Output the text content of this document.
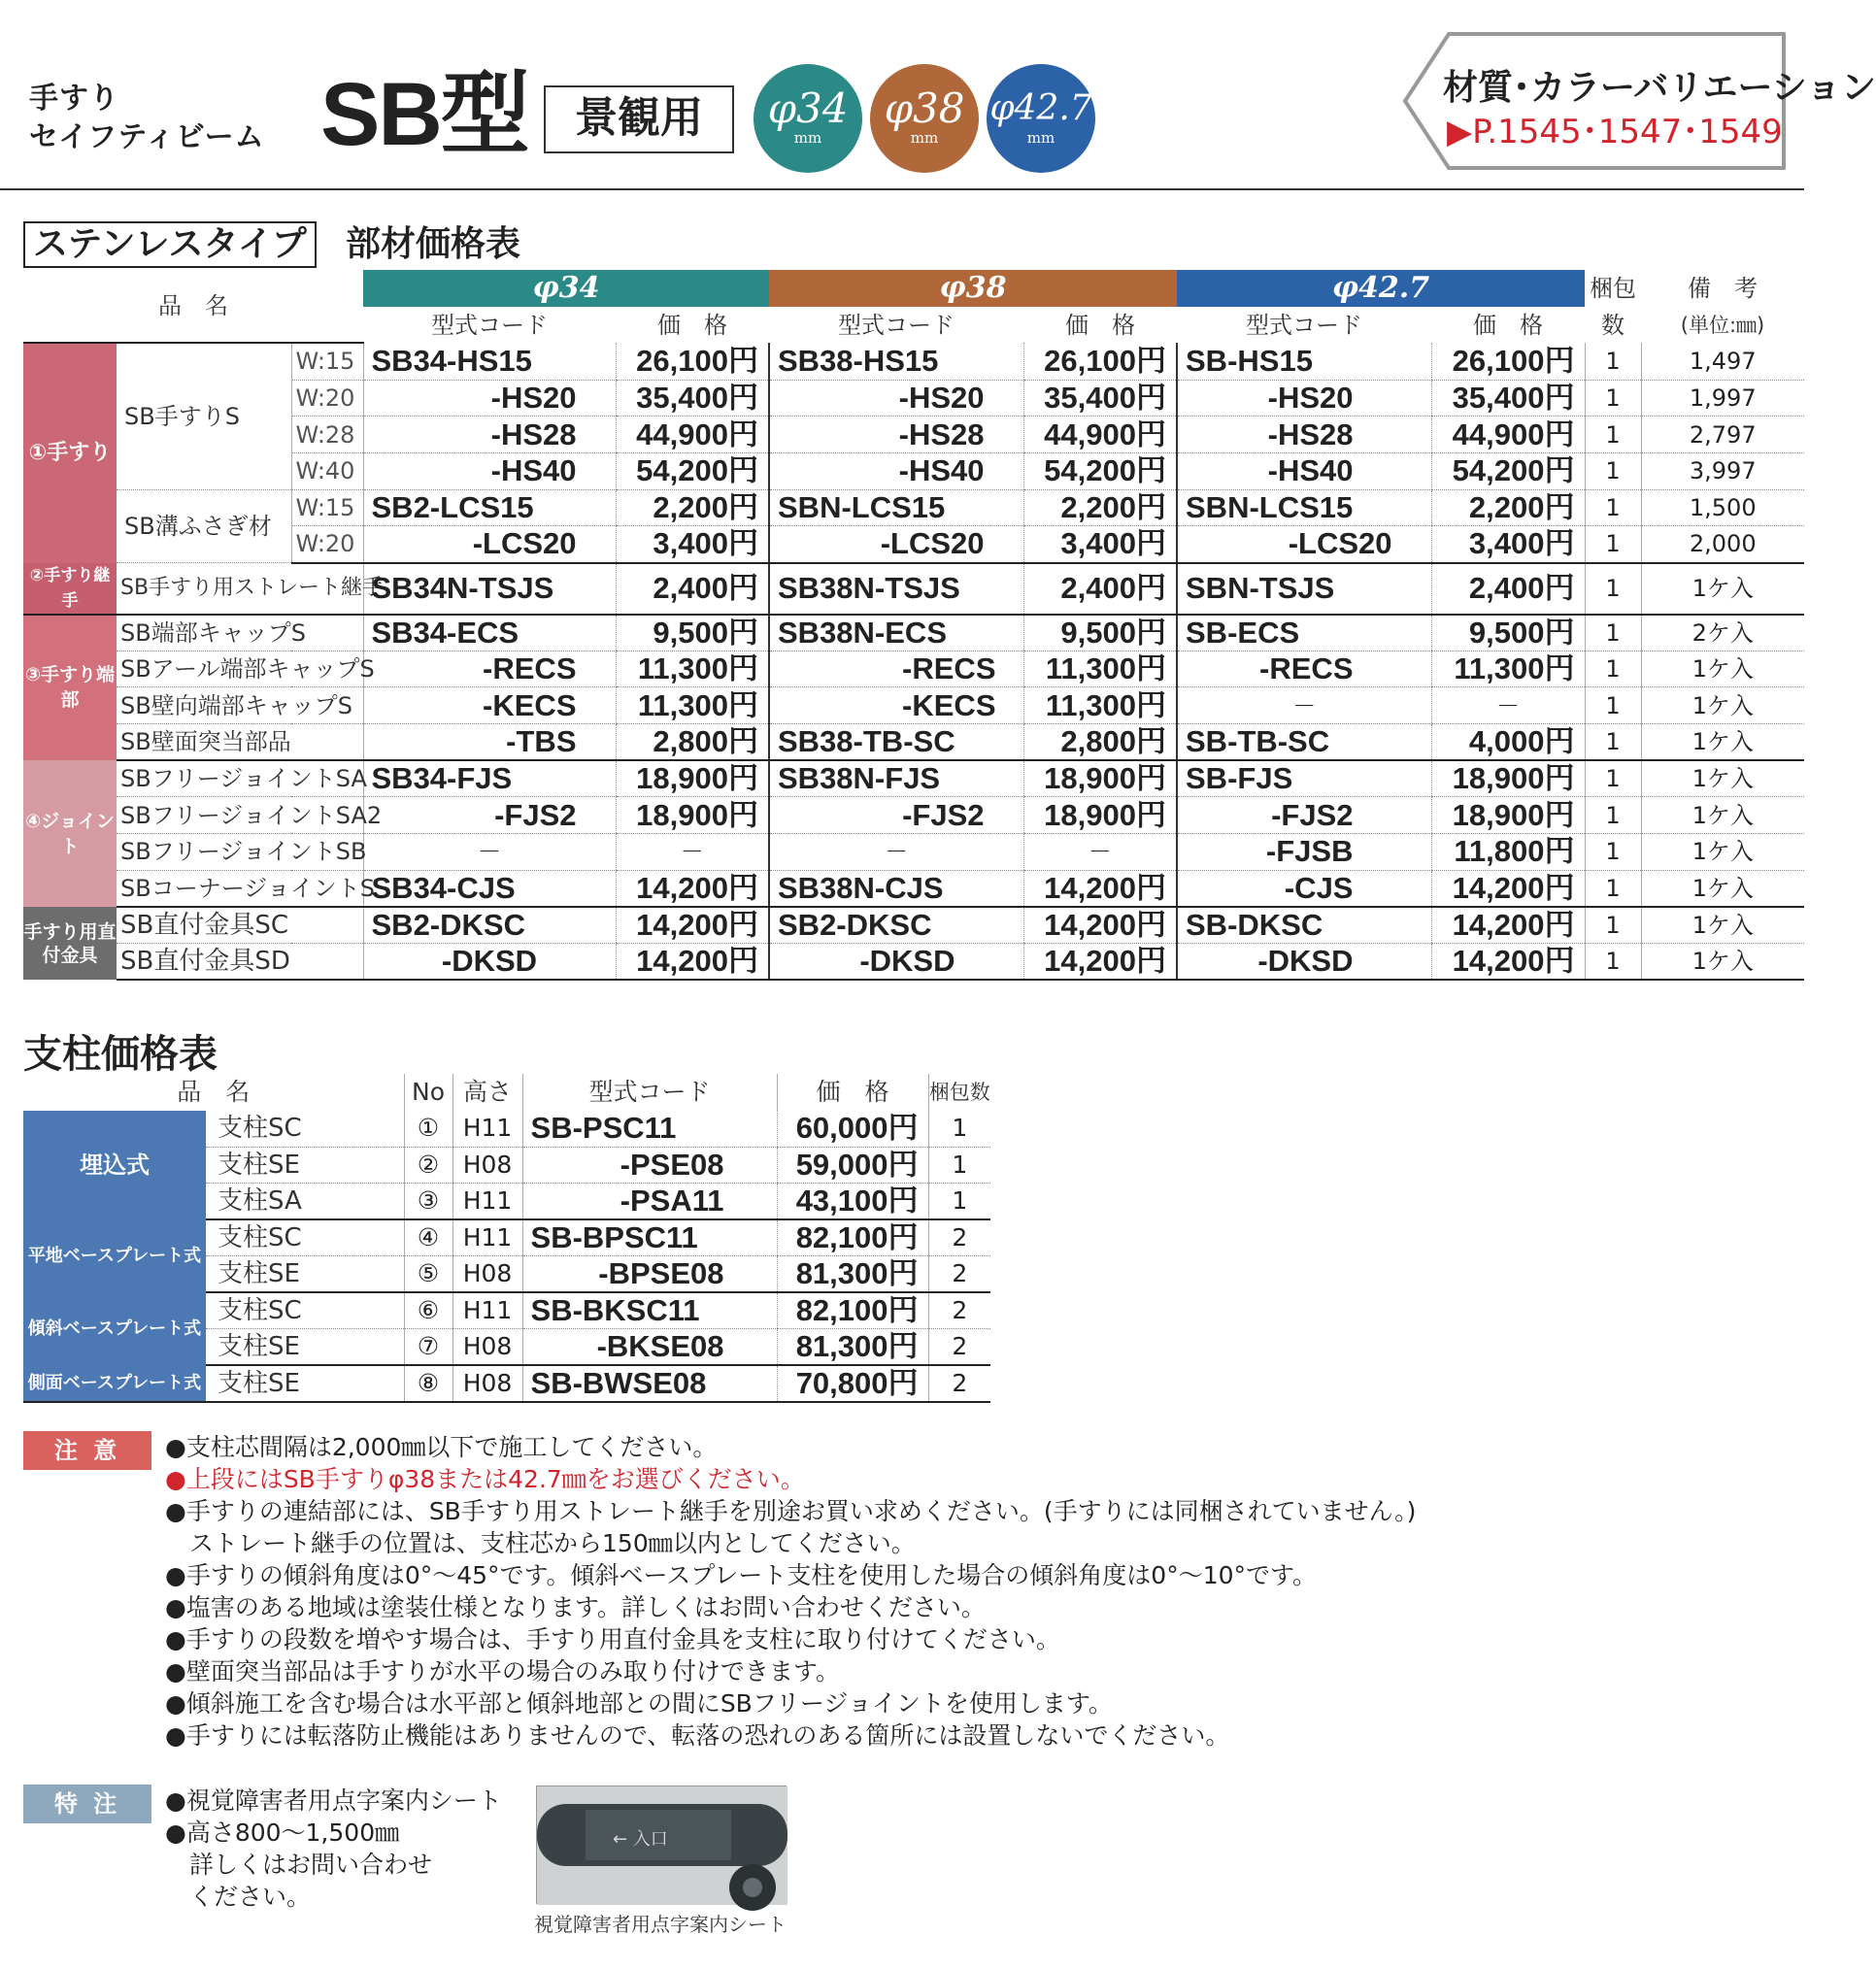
手すり
セイフティビーム SB型	景観用	φ34
mm
φ38
mm
φ42.7
mm
材質･カラーバリエーション
▶P.1545･1547･1549
ステンレスタイプ 部材価格表
品　名			φ34		φ38		φ42.7		梱包	備　考
			型式コード	価　格	型式コード	価　格	型式コード	価　格	数	(単位:㎜)
①手すり	SB手すりS	W:15	SB34-HS15	26,100円	SB38-HS15	26,100円	SB-HS15	26,100円	1	1,497
		W:20	-HS20	35,400円	-HS20	35,400円	-HS20	35,400円	1	1,997
		W:28	-HS28	44,900円	-HS28	44,900円	-HS28	44,900円	1	2,797
		W:40	-HS40	54,200円	-HS40	54,200円	-HS40	54,200円	1	3,997
	SB溝ふさぎ材	W:15	SB2-LCS15	2,200円	SBN-LCS15	2,200円	SBN-LCS15	2,200円	1	1,500
		W:20	-LCS20	3,400円	-LCS20	3,400円	-LCS20	3,400円	1	2,000
②手すり継手	SB手すり用ストレート継手		SB34N-TSJS	2,400円	SB38N-TSJS	2,400円	SBN-TSJS	2,400円	1	1ケ入
③手すり端部	SB端部キャップS		SB34-ECS	9,500円	SB38N-ECS	9,500円	SB-ECS	9,500円	1	2ケ入
	SBアール端部キャップS		-RECS	11,300円	-RECS	11,300円	-RECS	11,300円	1	1ケ入
	SB壁向端部キャップS		-KECS	11,300円	-KECS	11,300円	－	－	1	1ケ入
	SB壁面突当部品		-TBS	2,800円	SB38-TB-SC	2,800円	SB-TB-SC	4,000円	1	1ケ入
④ジョイント	SBフリージョイントSA		SB34-FJS	18,900円	SB38N-FJS	18,900円	SB-FJS	18,900円	1	1ケ入
	SBフリージョイントSA2		-FJS2	18,900円	-FJS2	18,900円	-FJS2	18,900円	1	1ケ入
	SBフリージョイントSB		－	－	－	－	-FJSB	11,800円	1	1ケ入
	SBコーナージョイントS		SB34-CJS	14,200円	SB38N-CJS	14,200円	-CJS	14,200円	1	1ケ入
手すり用直付金具	SB直付金具SC		SB2-DKSC	14,200円	SB2-DKSC	14,200円	SB-DKSC	14,200円	1	1ケ入
	SB直付金具SD		-DKSD	14,200円	-DKSD	14,200円	-DKSD	14,200円	1	1ケ入
支柱価格表
品　名		No	高さ	型式コード	価　格	梱包数
埋込式	支柱SC	①	H11	SB-PSC11	60,000円	1
	支柱SE	②	H08	-PSE08	59,000円	1
	支柱SA	③	H11	-PSA11	43,100円	1
平地ベースプレート式	支柱SC	④	H11	SB-BPSC11	82,100円	2
	支柱SE	⑤	H08	-BPSE08	81,300円	2
傾斜ベースプレート式	支柱SC	⑥	H11	SB-BKSC11	82,100円	2
	支柱SE	⑦	H08	-BKSE08	81,300円	2
側面ベースプレート式	支柱SE	⑧	H08	SB-BWSE08	70,800円	2
注 意	●支柱芯間隔は2,000㎜以下で施工してください。
●上段にはSB手すりφ38または42.7㎜をお選びください。
●手すりの連結部には、SB手すり用ストレート継手を別途お買い求めください。(手すりには同梱されていません。)
　ストレート継手の位置は、支柱芯から150㎜以内としてください。
●手すりの傾斜角度は0°～45°です。傾斜ベースプレート支柱を使用した場合の傾斜角度は0°～10°です。
●塩害のある地域は塗装仕様となります。詳しくはお問い合わせください。
●手すりの段数を増やす場合は、手すり用直付金具を支柱に取り付けてください。
●壁面突当部品は手すりが水平の場合のみ取り付けできます。
●傾斜施工を含む場合は水平部と傾斜地部との間にSBフリージョイントを使用します。
●手すりには転落防止機能はありませんので、転落の恐れのある箇所には設置しないでください。
特 注	●視覚障害者用点字案内シート
●高さ800～1,500㎜
　詳しくはお問い合わせ
　ください。
← 入口
視覚障害者用点字案内シート
